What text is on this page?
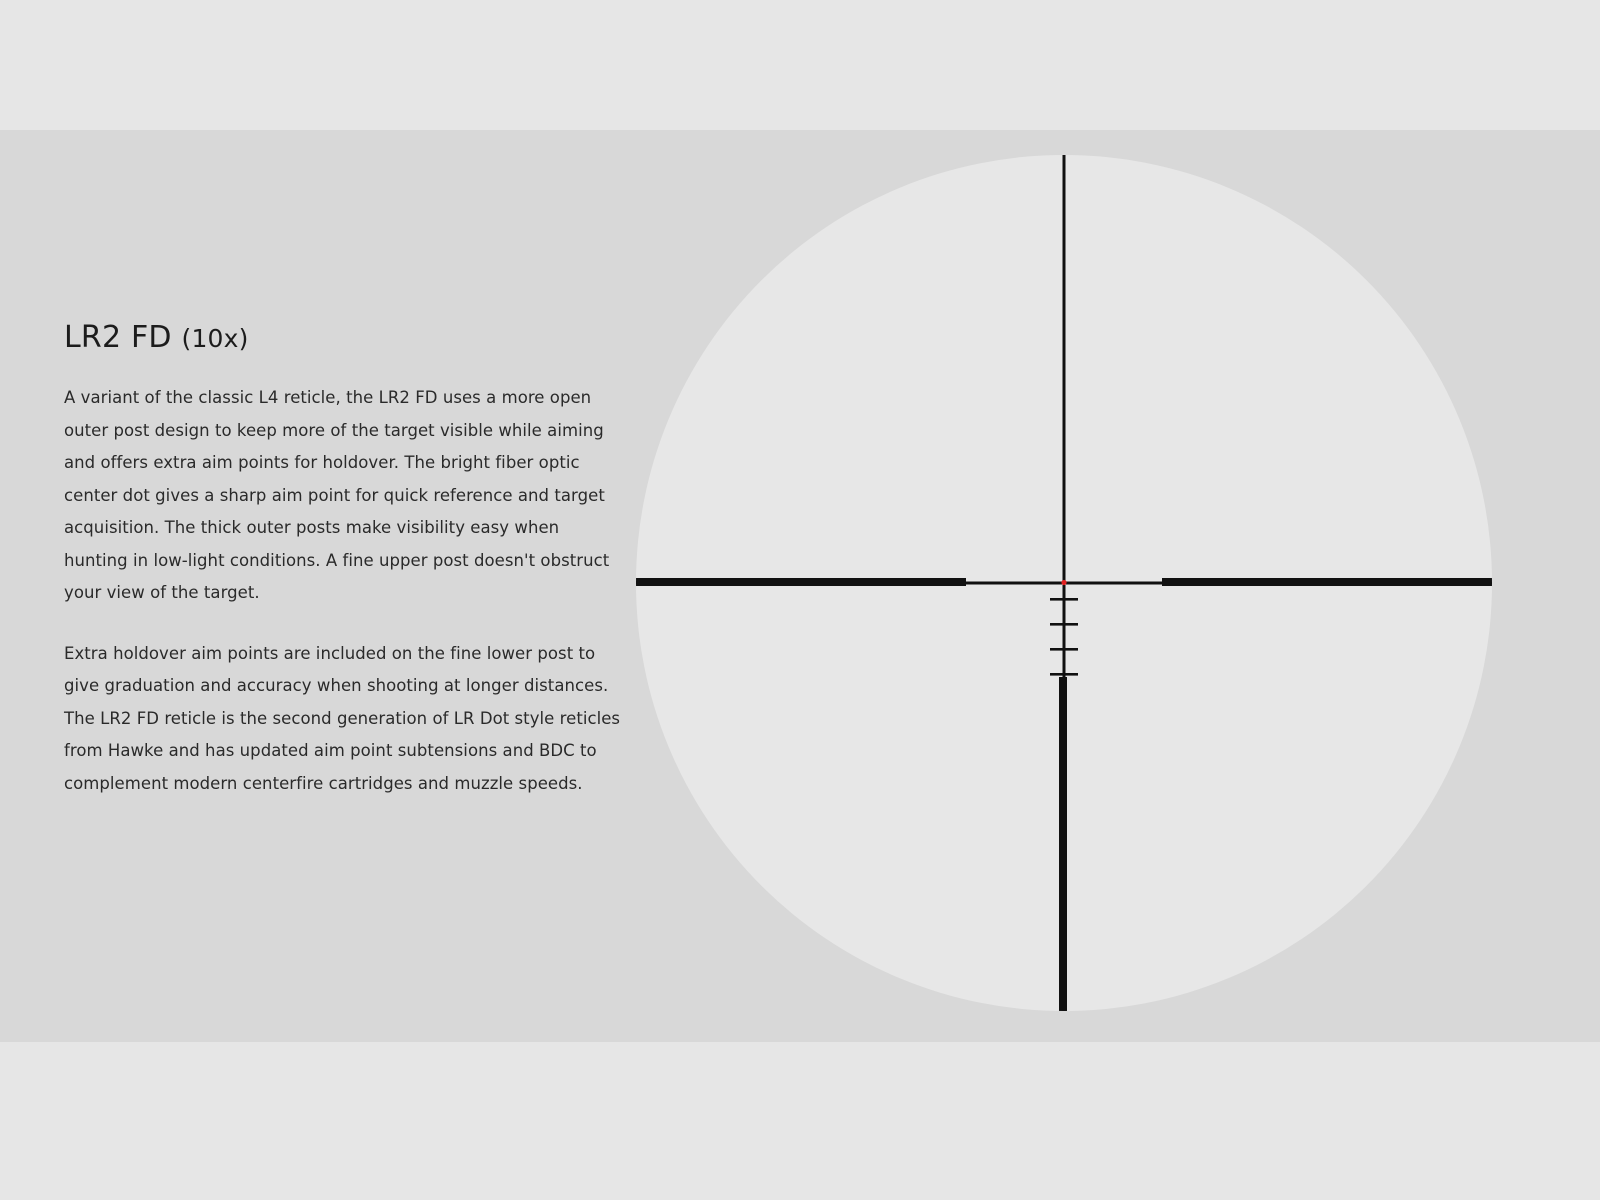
LR2 FD (10x)

A variant of the classic L4 reticle, the LR2 FD uses a more open outer post design to keep more of the target visible while aiming and offers extra aim points for holdover. The bright fiber optic center dot gives a sharp aim point for quick reference and target acquisition. The thick outer posts make visibility easy when hunting in low-light conditions. A fine upper post doesn't obstruct your view of the target.

Extra holdover aim points are included on the fine lower post to give graduation and accuracy when shooting at longer distances. The LR2 FD reticle is the second generation of LR Dot style reticles from Hawke and has updated aim point subtensions and BDC to complement modern centerfire cartridges and muzzle speeds.
